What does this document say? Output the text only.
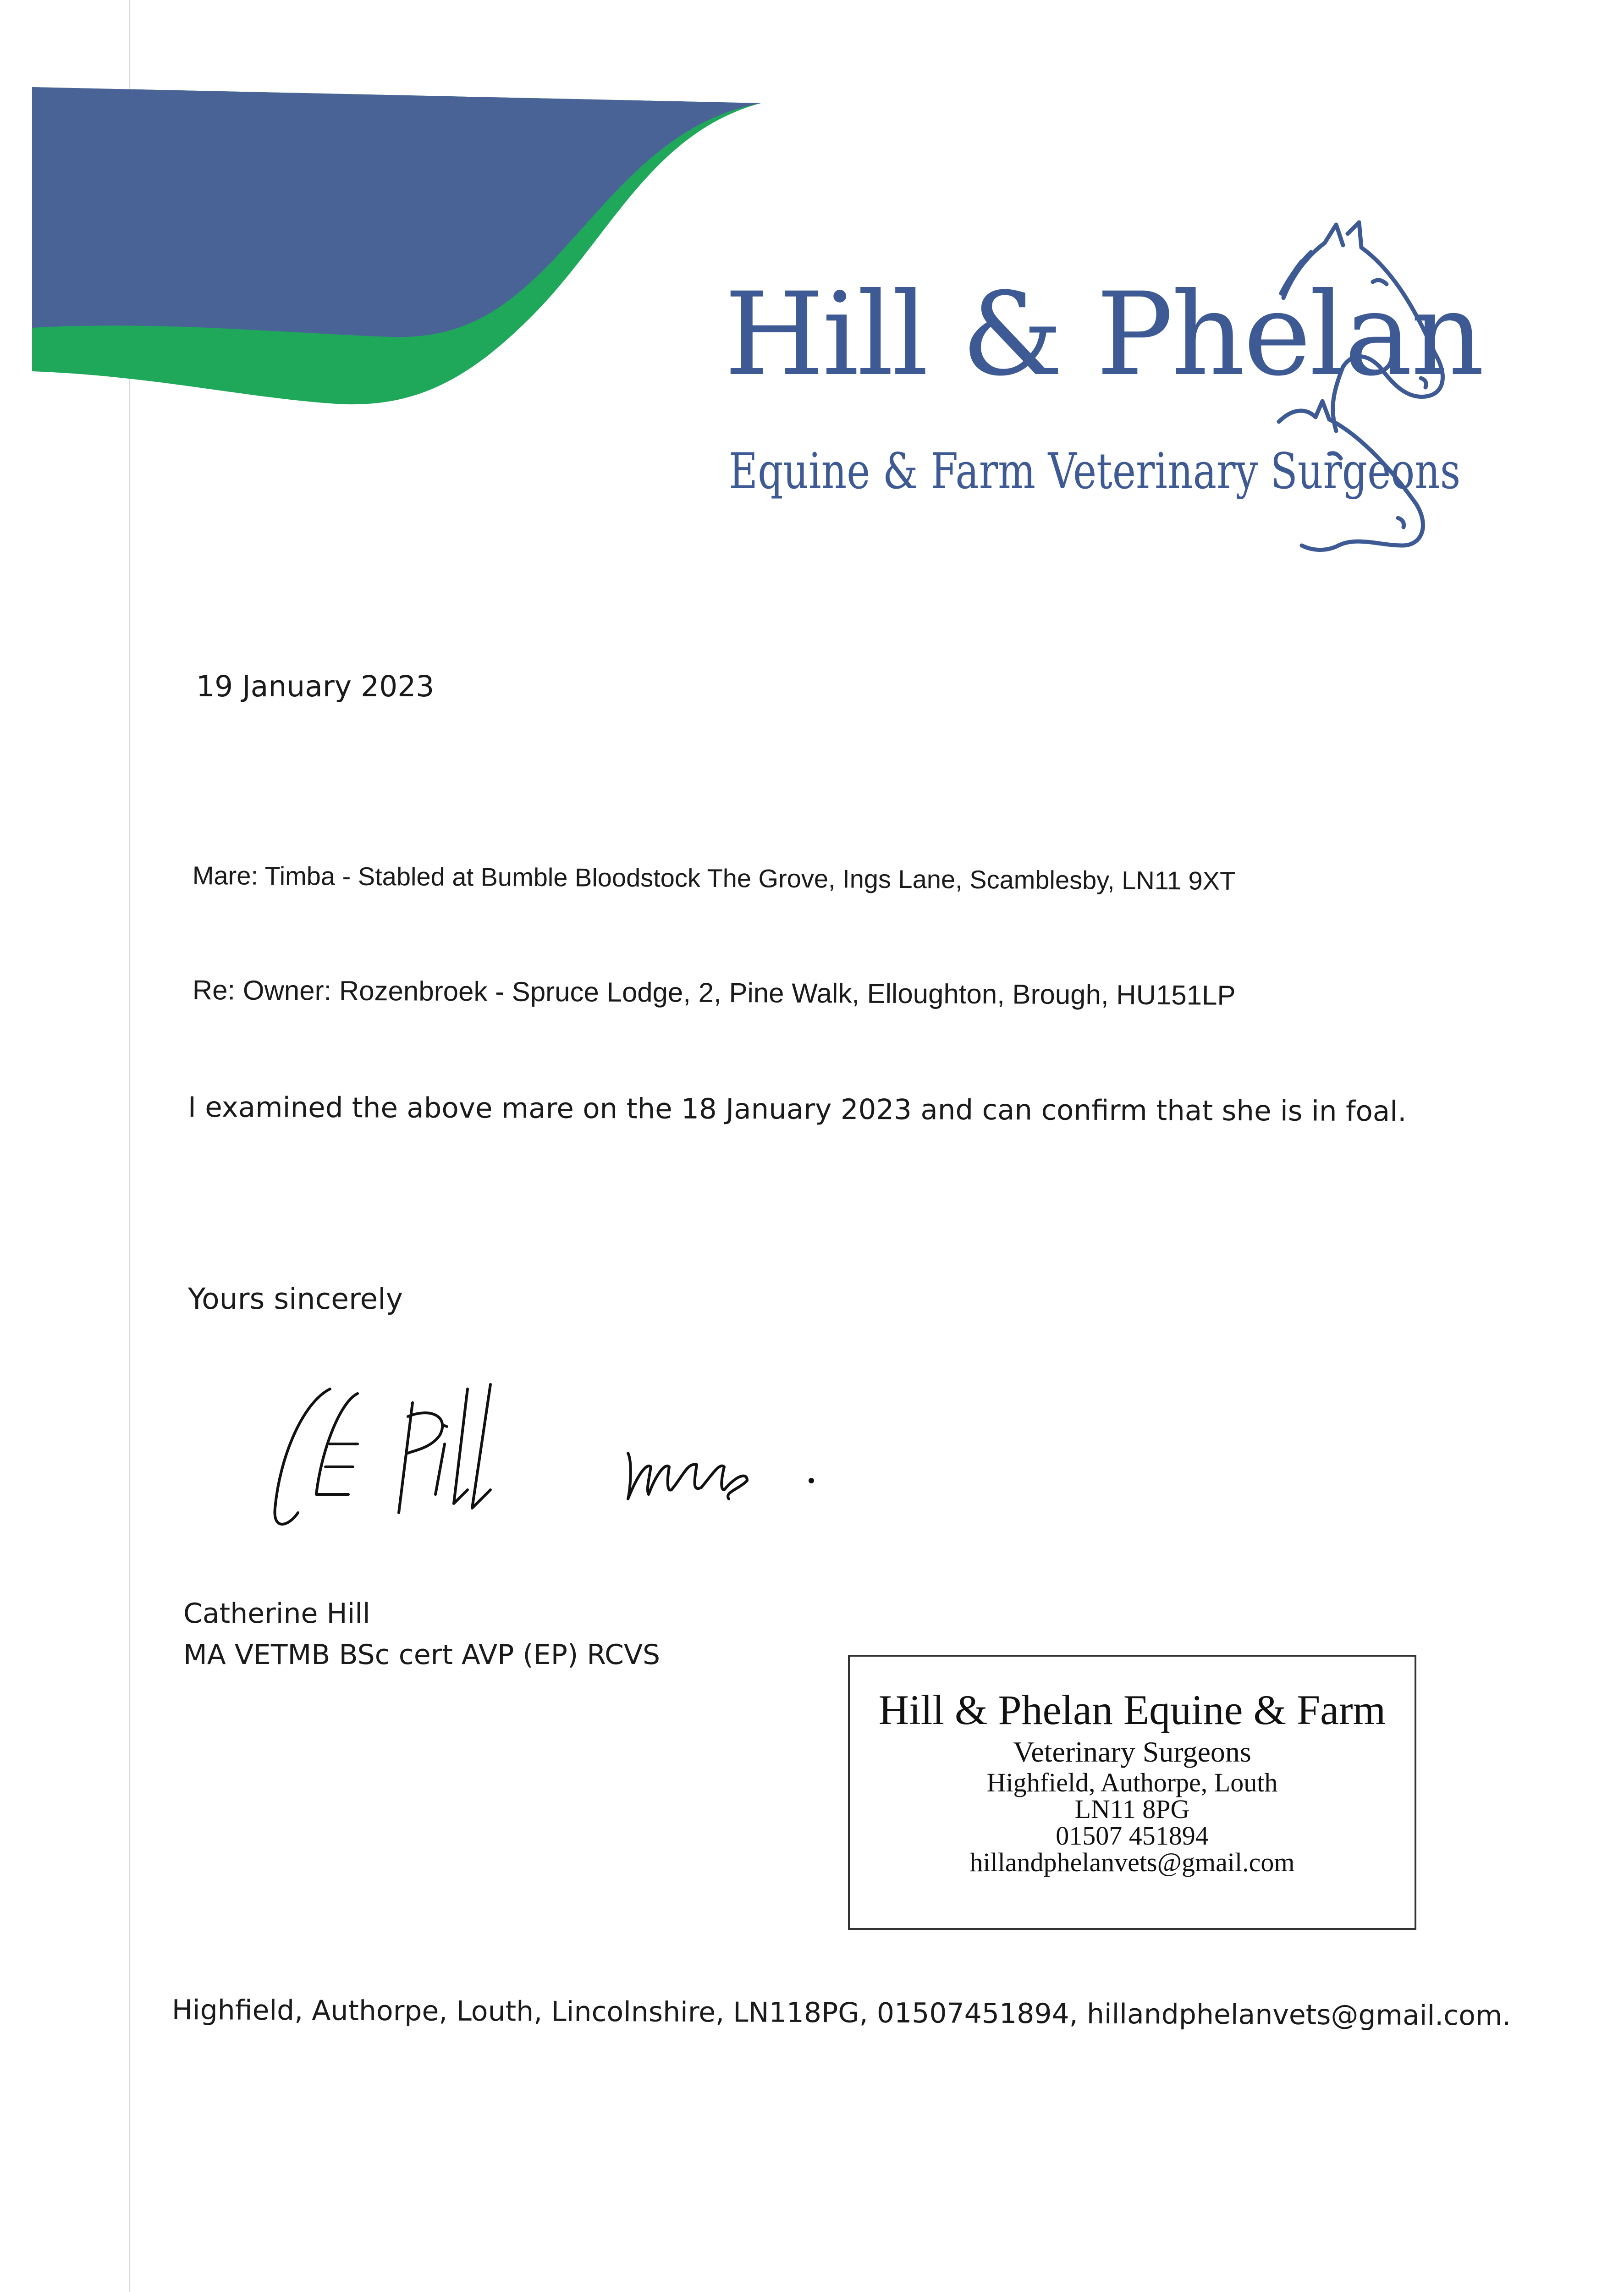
Hill & Phelan
Equine & Farm Veterinary Surgeons
19 January 2023
Mare: Timba - Stabled at Bumble Bloodstock The Grove, Ings Lane, Scamblesby, LN11 9XT
Re: Owner: Rozenbroek - Spruce Lodge, 2, Pine Walk, Elloughton, Brough, HU151LP
I examined the above mare on the 18 January 2023 and can confirm that she is in foal.
Yours sincerely
Catherine Hill
MA VETMB BSc cert AVP (EP) RCVS
Hill & Phelan Equine & Farm
Veterinary Surgeons
Highfield, Authorpe, Louth
LN11 8PG
01507 451894
hillandphelanvets@gmail.com
Highfield, Authorpe, Louth, Lincolnshire, LN118PG, 01507451894, hillandphelanvets@gmail.com.
